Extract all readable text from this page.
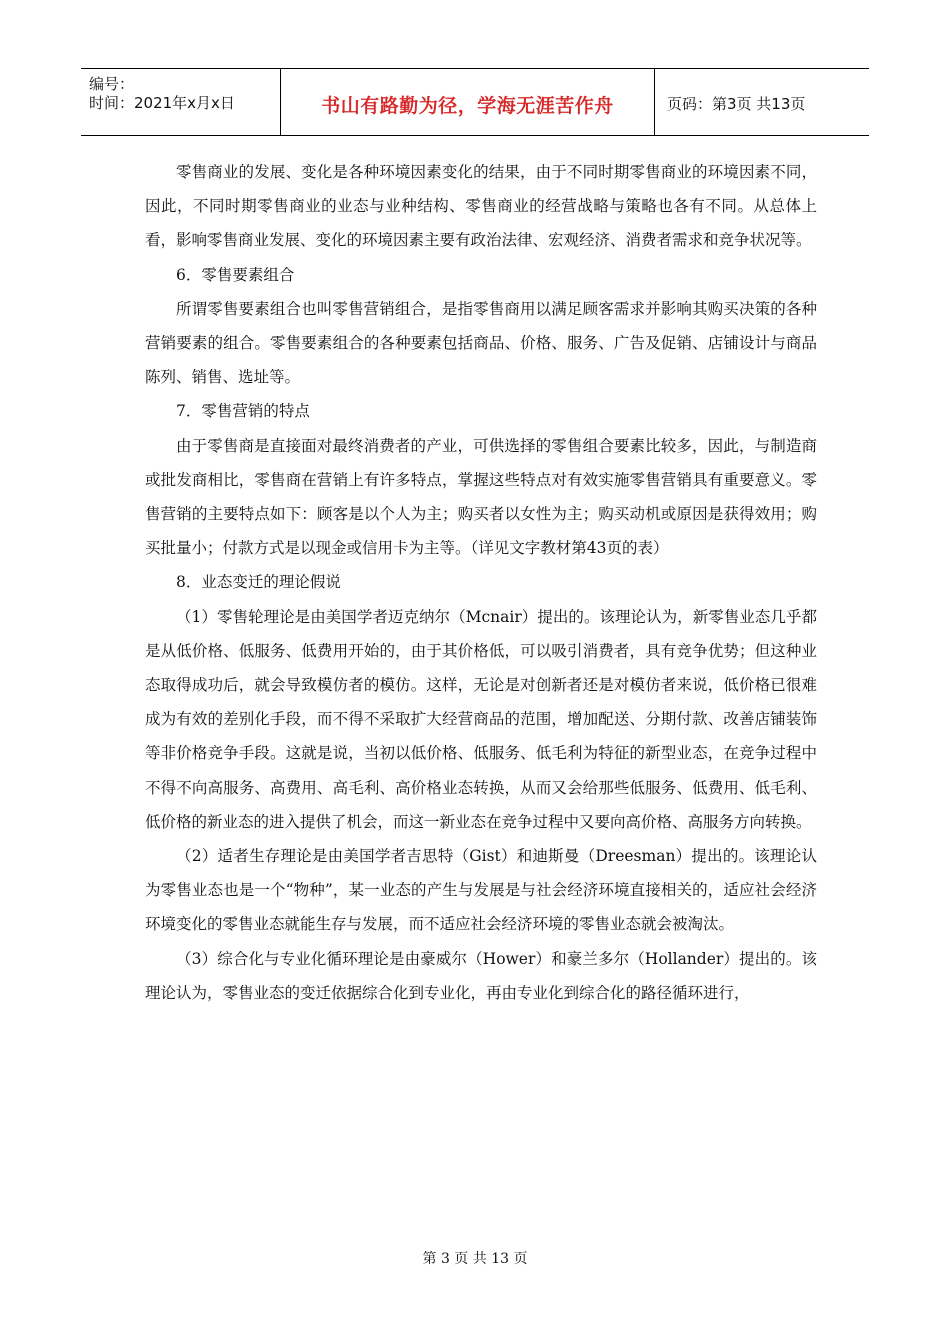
编号：
时间：2021年x月x日	书山有路勤为径，学海无涯苦作舟	页码：第3页 共13页

零售商业的发展、变化是各种环境因素变化的结果，由于不同时期零售商业的环境因素不同，因此，不同时期零售商业的业态与业种结构、零售商业的经营战略与策略也各有不同。从总体上看，影响零售商业发展、变化的环境因素主要有政治法律、宏观经济、消费者需求和竞争状况等。

6．零售要素组合

所谓零售要素组合也叫零售营销组合，是指零售商用以满足顾客需求并影响其购买决策的各种营销要素的组合。零售要素组合的各种要素包括商品、价格、服务、广告及促销、店铺设计与商品陈列、销售、选址等。

7．零售营销的特点

由于零售商是直接面对最终消费者的产业，可供选择的零售组合要素比较多，因此，与制造商或批发商相比，零售商在营销上有许多特点，掌握这些特点对有效实施零售营销具有重要意义。零售营销的主要特点如下：顾客是以个人为主；购买者以女性为主；购买动机或原因是获得效用；购买批量小；付款方式是以现金或信用卡为主等。（详见文字教材第43页的表）

8．业态变迁的理论假说

（1）零售轮理论是由美国学者迈克纳尔（Mcnair）提出的。该理论认为，新零售业态几乎都是从低价格、低服务、低费用开始的，由于其价格低，可以吸引消费者，具有竞争优势；但这种业态取得成功后，就会导致模仿者的模仿。这样，无论是对创新者还是对模仿者来说，低价格已很难成为有效的差别化手段，而不得不采取扩大经营商品的范围，增加配送、分期付款、改善店铺装饰等非价格竞争手段。这就是说，当初以低价格、低服务、低毛利为特征的新型业态，在竞争过程中不得不向高服务、高费用、高毛利、高价格业态转换，从而又会给那些低服务、低费用、低毛利、低价格的新业态的进入提供了机会，而这一新业态在竞争过程中又要向高价格、高服务方向转换。

（2）适者生存理论是由美国学者吉思特（Gist）和迪斯曼（Dreesman）提出的。该理论认为零售业态也是一个“物种”，某一业态的产生与发展是与社会经济环境直接相关的，适应社会经济环境变化的零售业态就能生存与发展，而不适应社会经济环境的零售业态就会被淘汰。

（3）综合化与专业化循环理论是由豪威尔（Hower）和豪兰多尔（Hollander）提出的。该理论认为，零售业态的变迁依据综合化到专业化，再由专业化到综合化的路径循环进行，

第 3 页 共 13 页
